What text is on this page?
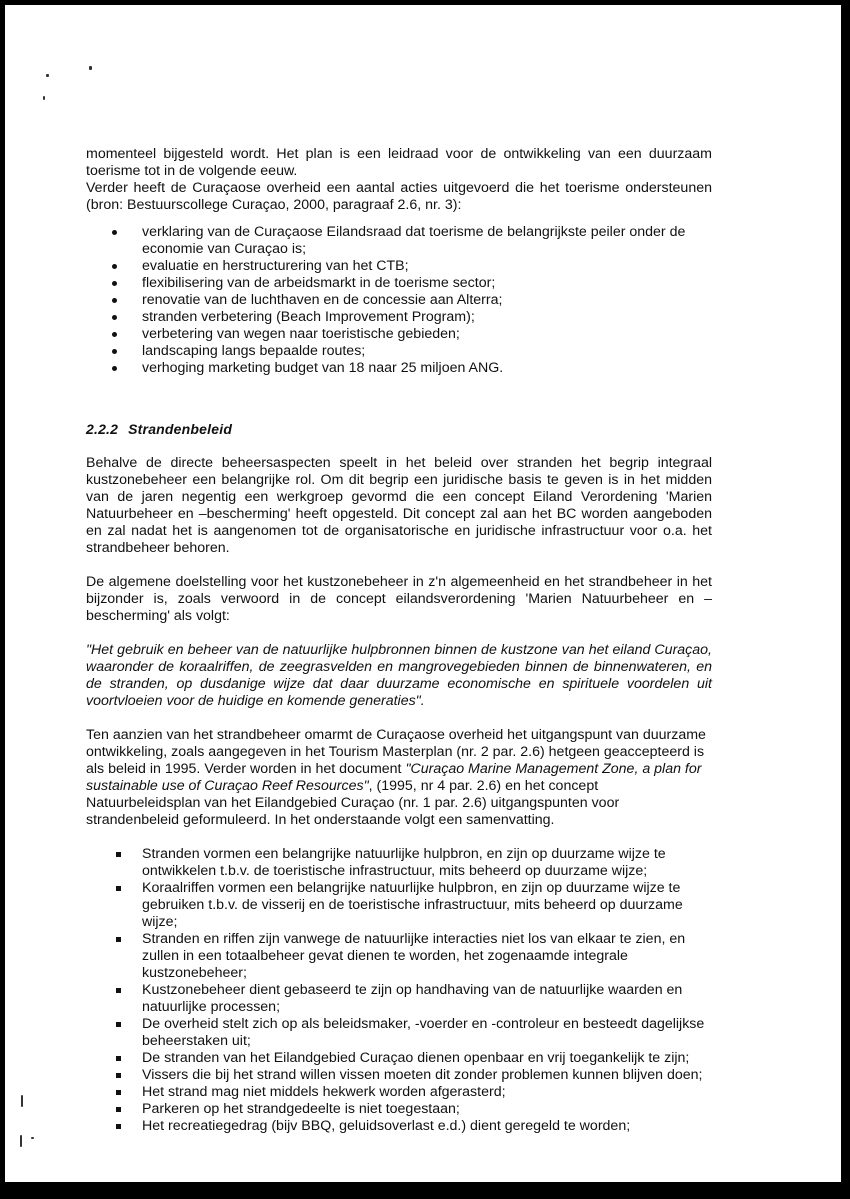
momenteel bijgesteld wordt. Het plan is een leidraad voor de ontwikkeling van een duurzaam toerisme tot in de volgende eeuw.

Verder heeft de Curaçaose overheid een aantal acties uitgevoerd die het toerisme ondersteunen (bron: Bestuurscollege Curaçao, 2000, paragraaf 2.6, nr. 3):

verklaring van de Curaçaose Eilandsraad dat toerisme de belangrijkste peiler onder de economie van Curaçao is;
evaluatie en herstructurering van het CTB;
flexibilisering van de arbeidsmarkt in de toerisme sector;
renovatie van de luchthaven en de concessie aan Alterra;
stranden verbetering (Beach Improvement Program);
verbetering van wegen naar toeristische gebieden;
landscaping langs bepaalde routes;
verhoging marketing budget van 18 naar 25 miljoen ANG.
2.2.2 Strandenbeleid

Behalve de directe beheersaspecten speelt in het beleid over stranden het begrip integraal kustzonebeheer een belangrijke rol. Om dit begrip een juridische basis te geven is in het midden van de jaren negentig een werkgroep gevormd die een concept Eiland Verordening 'Marien Natuurbeheer en –bescherming' heeft opgesteld. Dit concept zal aan het BC worden aangeboden en zal nadat het is aangenomen tot de organisatorische en juridische infrastructuur voor o.a. het strandbeheer behoren.

De algemene doelstelling voor het kustzonebeheer in z'n algemeenheid en het strandbeheer in het bijzonder is, zoals verwoord in de concept eilandsverordening 'Marien Natuurbeheer en – bescherming' als volgt:

"Het gebruik en beheer van de natuurlijke hulpbronnen binnen de kustzone van het eiland Curaçao, waaronder de koraalriffen, de zeegrasvelden en mangrovegebieden binnen de binnenwateren, en de stranden, op dusdanige wijze dat daar duurzame economische en spirituele voordelen uit voortvloeien voor de huidige en komende generaties".

Ten aanzien van het strandbeheer omarmt de Curaçaose overheid het uitgangspunt van duurzame ontwikkeling, zoals aangegeven in het Tourism Masterplan (nr. 2 par. 2.6) hetgeen geaccepteerd is als beleid in 1995. Verder worden in het document "Curaçao Marine Management Zone, a plan for sustainable use of Curaçao Reef Resources", (1995, nr 4 par. 2.6) en het concept Natuurbeleidsplan van het Eilandgebied Curaçao (nr. 1 par. 2.6) uitgangspunten voor strandenbeleid geformuleerd. In het onderstaande volgt een samenvatting.

Stranden vormen een belangrijke natuurlijke hulpbron, en zijn op duurzame wijze te ontwikkelen t.b.v. de toeristische infrastructuur, mits beheerd op duurzame wijze;
Koraalriffen vormen een belangrijke natuurlijke hulpbron, en zijn op duurzame wijze te gebruiken t.b.v. de visserij en de toeristische infrastructuur, mits beheerd op duurzame wijze;
Stranden en riffen zijn vanwege de natuurlijke interacties niet los van elkaar te zien, en zullen in een totaalbeheer gevat dienen te worden, het zogenaamde integrale kustzonebeheer;
Kustzonebeheer dient gebaseerd te zijn op handhaving van de natuurlijke waarden en natuurlijke processen;
De overheid stelt zich op als beleidsmaker, -voerder en -controleur en besteedt dagelijkse beheerstaken uit;
De stranden van het Eilandgebied Curaçao dienen openbaar en vrij toegankelijk te zijn;
Vissers die bij het strand willen vissen moeten dit zonder problemen kunnen blijven doen;
Het strand mag niet middels hekwerk worden afgerasterd;
Parkeren op het strandgedeelte is niet toegestaan;
Het recreatiegedrag (bijv BBQ, geluidsoverlast e.d.) dient geregeld te worden;
